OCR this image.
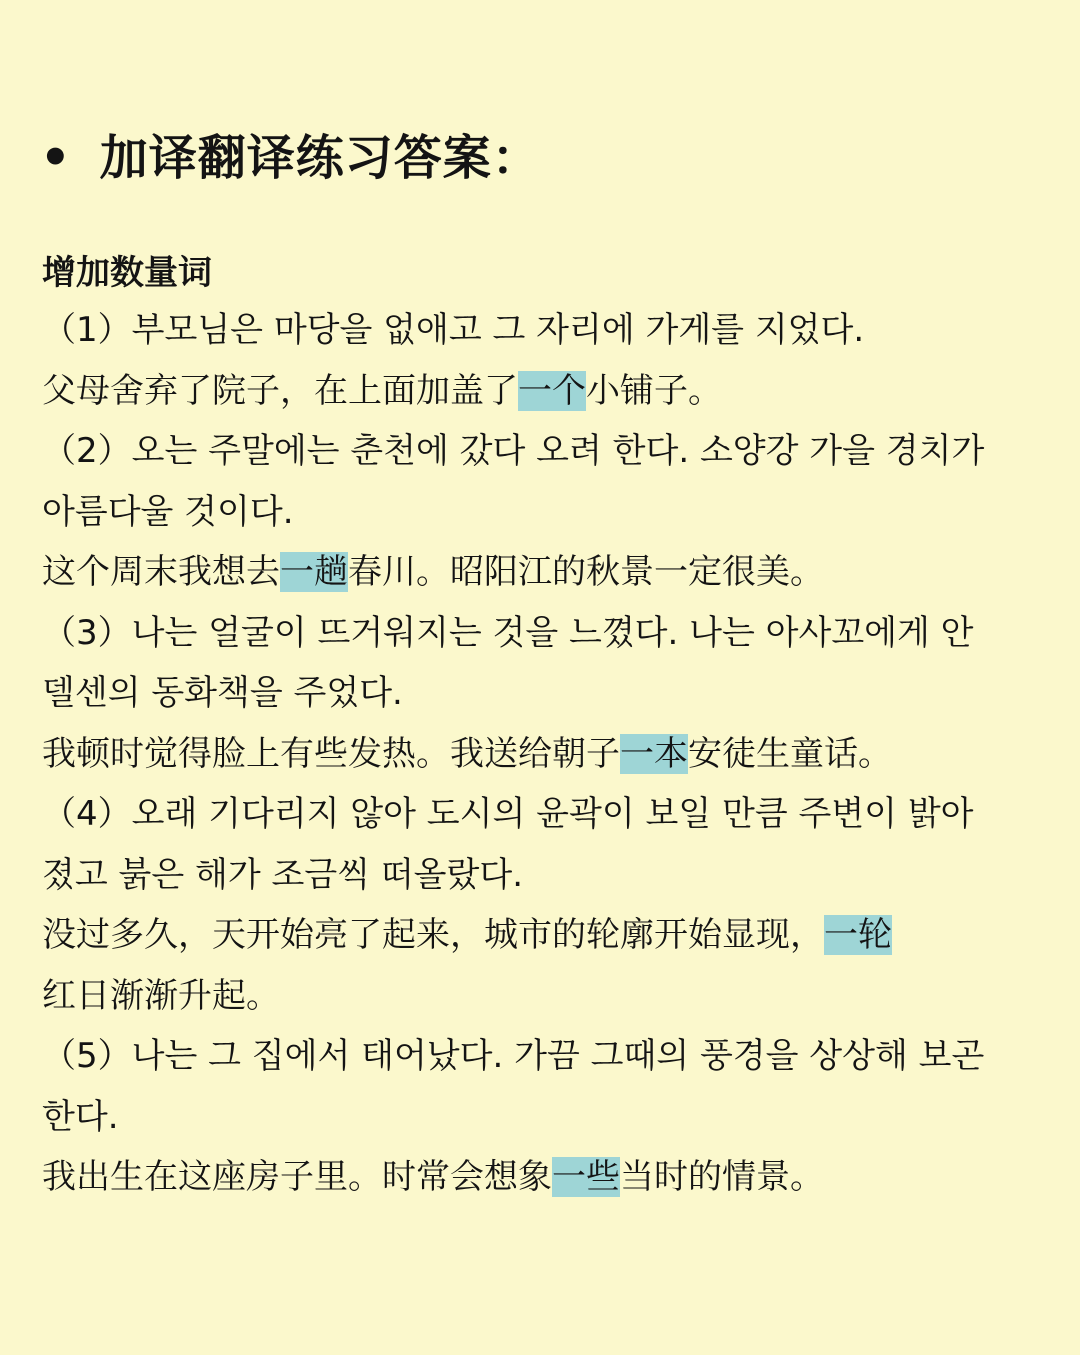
• 加译翻译练习答案：
增加数量词
（1）부모님은 마당을 없애고 그 자리에 가게를 지었다.
父母舍弃了院子，在上面加盖了一个小铺子。
（2）오는 주말에는 춘천에 갔다 오려 한다. 소양강 가을 경치가
아름다울 것이다.
这个周末我想去一趟春川。昭阳江的秋景一定很美。
（3）나는 얼굴이 뜨거워지는 것을 느꼈다. 나는 아사꼬에게 안
델센의 동화책을 주었다.
我顿时觉得脸上有些发热。我送给朝子一本安徒生童话。
（4）오래 기다리지 않아 도시의 윤곽이 보일 만큼 주변이 밝아
졌고 붉은 해가 조금씩 떠올랐다.
没过多久，天开始亮了起来，城市的轮廓开始显现，一轮
红日渐渐升起。
（5）나는 그 집에서 태어났다. 가끔 그때의 풍경을 상상해 보곤
한다.
我出生在这座房子里。时常会想象一些当时的情景。
